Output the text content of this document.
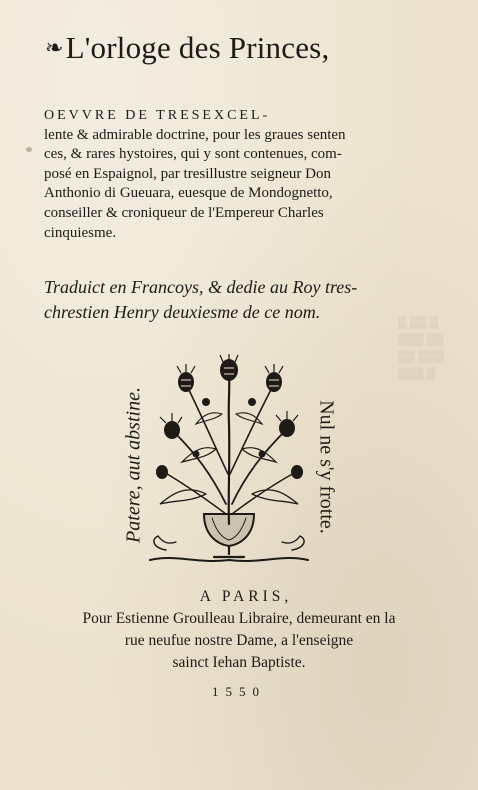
❧L'orloge des Princes,
OEVVRE DE TRESEXCEL-
lente & admirable doctrine, pour les graues senten
ces, & rares hystoires, qui y sont contenues, com-
posé en Espaignol, par tresillustre seigneur Don
Anthonio di Gueuara, euesque de Mondognetto,
conseiller & croniqueur de l'Empereur Charles
cinquiesme.
Traduict en Francoys, & dedie au Roy tres-
chrestien Henry deuxiesme de ce nom.	▒ ▒▒ ▒
▒▒▒ ▒▒
▒▒ ▒▒▒
▒▒▒ ▒
Patere, aut abstine.	Nul ne s'y frotte.
A PARIS,
Pour Estienne Groulleau Libraire, demeurant en la
rue neufue nostre Dame, a l'enseigne
sainct Iehan Baptiste.
1550
